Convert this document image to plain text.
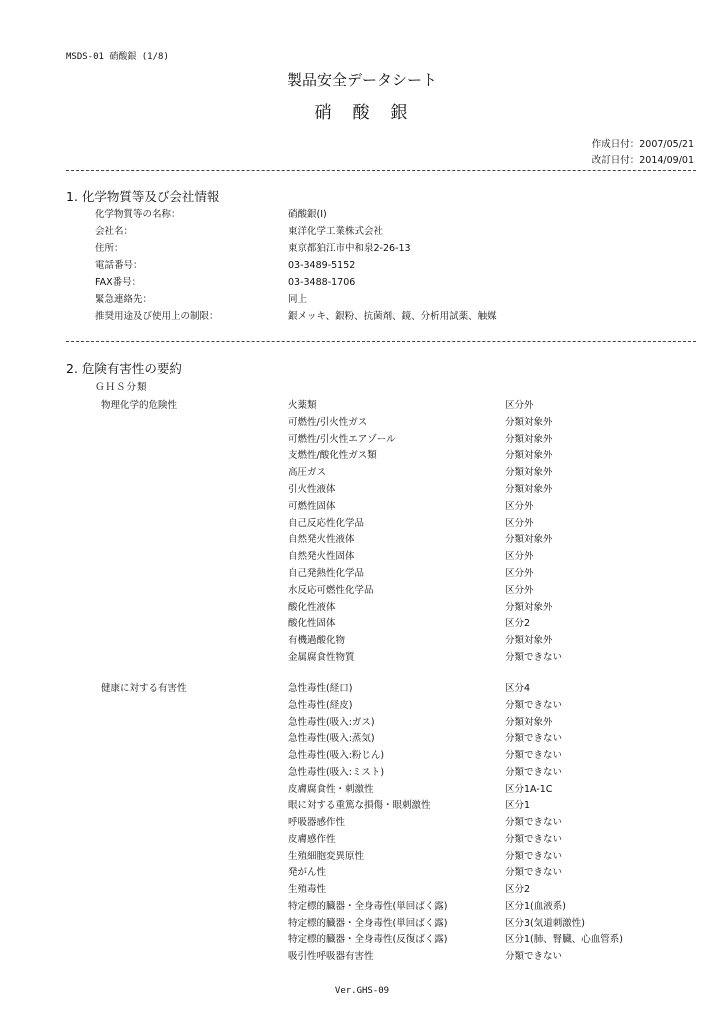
MSDS-01 硝酸銀 (1/8)
製品安全データシート
硝　酸　銀
作成日付：2007/05/21
改訂日付：2014/09/01
1. 化学物質等及び会社情報
化学物質等の名称：	硝酸銀(Ⅰ)
会社名：	東洋化学工業株式会社
住所：	東京都狛江市中和泉2-26-13
電話番号：	03-3489-5152
FAX番号：	03-3488-1706
緊急連絡先：	同上
推奨用途及び使用上の制限：	銀メッキ、銀粉、抗菌剤、鏡、分析用試薬、触媒
2. 危険有害性の要約
ＧＨＳ分類
物理化学的危険性	火薬類	区分外
可燃性/引火性ガス	分類対象外
可燃性/引火性エアゾール	分類対象外
支燃性/酸化性ガス類	分類対象外
高圧ガス	分類対象外
引火性液体	分類対象外
可燃性固体	区分外
自己反応性化学品	区分外
自然発火性液体	分類対象外
自然発火性固体	区分外
自己発熱性化学品	区分外
水反応可燃性化学品	区分外
酸化性液体	分類対象外
酸化性固体	区分2
有機過酸化物	分類対象外
金属腐食性物質	分類できない
健康に対する有害性	急性毒性(経口)	区分4
急性毒性(経皮)	分類できない
急性毒性(吸入:ガス)	分類対象外
急性毒性(吸入:蒸気)	分類できない
急性毒性(吸入:粉じん)	分類できない
急性毒性(吸入:ミスト)	分類できない
皮膚腐食性・刺激性	区分1A-1C
眼に対する重篤な損傷・眼刺激性	区分1
呼吸器感作性	分類できない
皮膚感作性	分類できない
生殖細胞変異原性	分類できない
発がん性	分類できない
生殖毒性	区分2
特定標的臓器・全身毒性(単回ばく露)	区分1(血液系)
特定標的臓器・全身毒性(単回ばく露)	区分3(気道刺激性)
特定標的臓器・全身毒性(反復ばく露)	区分1(肺、腎臓、心血管系)
吸引性呼吸器有害性	分類できない
Ver.GHS-09
